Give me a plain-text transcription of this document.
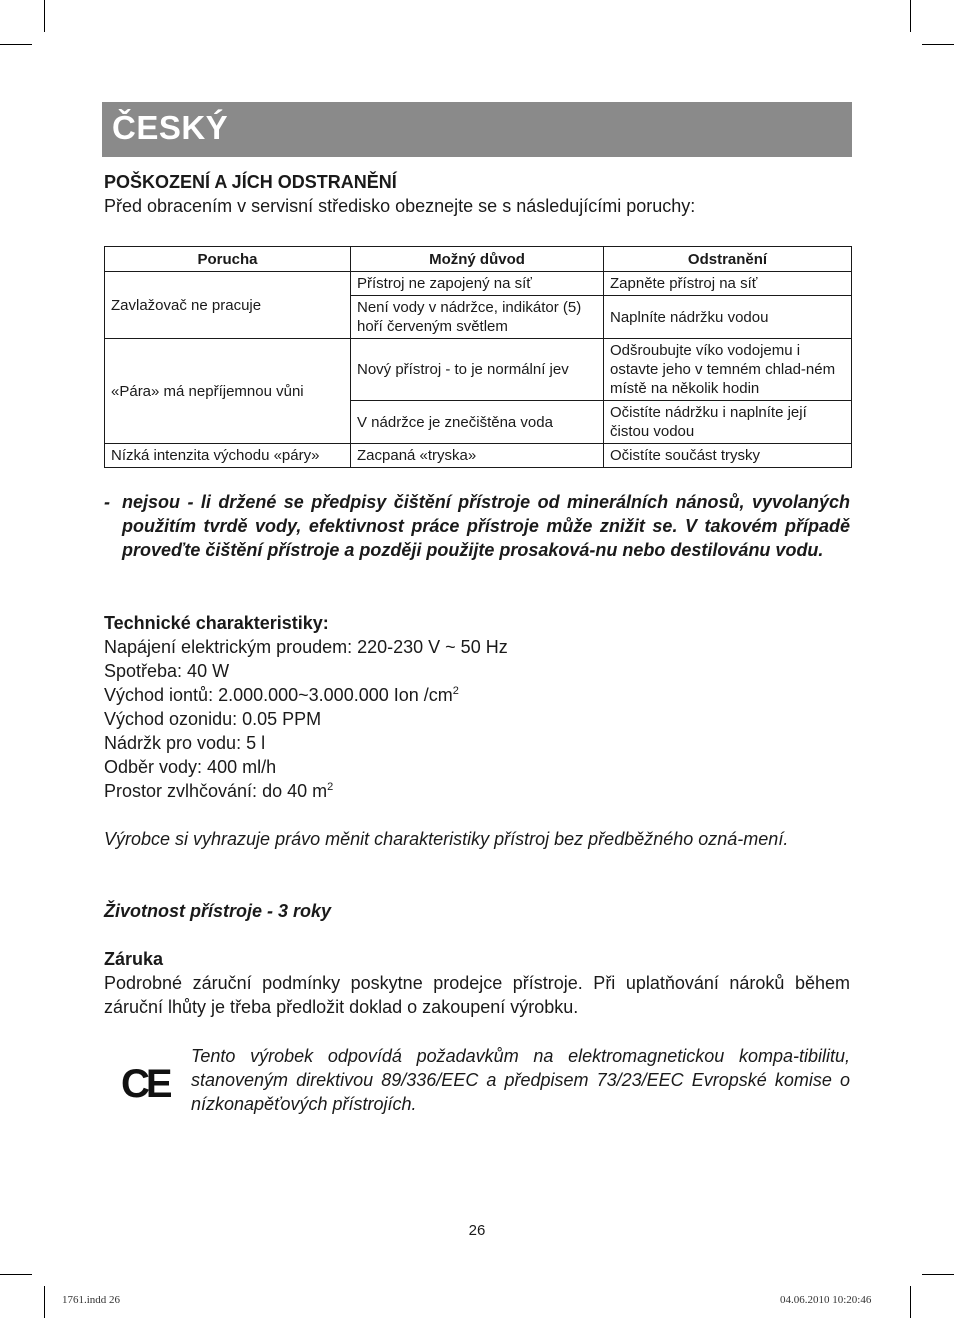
ČESKÝ

POŠKOZENÍ A JÍCH ODSTRANĚNÍ

Před obracením v servisní středisko obeznejte se s následujícími poruchy:

Porucha	Možný důvod	Odstranění
Zavlažovač ne pracuje	Přístroj ne zapojený na síť	Zapněte přístroj na síť
	Není vody v nádržce, indikátor (5) hoří červeným světlem	Naplníte nádržku vodou
«Pára» má nepříjemnou vůni	Nový přístroj - to je normální jev	Odšroubujte víko vodojemu i ostavte jeho v temném chlad-ném místě na několik hodin
	V nádržce je znečištěna voda	Očistíte nádržku i naplníte její čistou vodou
Nízká intenzita východu «páry»	Zacpaná «tryska»	Očistíte součást trysky
- nejsou - li držené se předpisy čištění přístroje od minerálních nánosů, vyvolaných použitím tvrdě vody, efektivnost práce přístroje může znižit se. V takovém případě proveďte čištění přístroje a později použijte prosaková-nu nebo destilovánu vodu.

Technické charakteristiky:

Napájení elektrickým proudem: 220-230 V ~ 50 Hz

Spotřeba: 40 W

Východ iontů: 2.000.000~3.000.000 Ion $/cm^2$

Východ ozonidu: 0.05 PPM

Nádržk pro vodu: 5 l

Odběr vody: 400 ml/h

Prostor zvlhčování: do 40 $m^2$

Výrobce si vyhrazuje právo měnit charakteristiky přístroj bez předběžného ozná-mení.

Životnost přístroje - 3 roky

Záruka

Podrobné záruční podmínky poskytne prodejce přístroje. Při uplatňování nároků během záruční lhůty je třeba předložit doklad o zakoupení výrobku.

CE

Tento výrobek odpovídá požadavkům na elektromagnetickou kompa-tibilitu, stanoveným direktivou 89/336/EEC a předpisem 73/23/EEC Evropské komise o nízkonapěťových přístrojích.

26
1761.indd 26	04.06.2010 10:20:46
